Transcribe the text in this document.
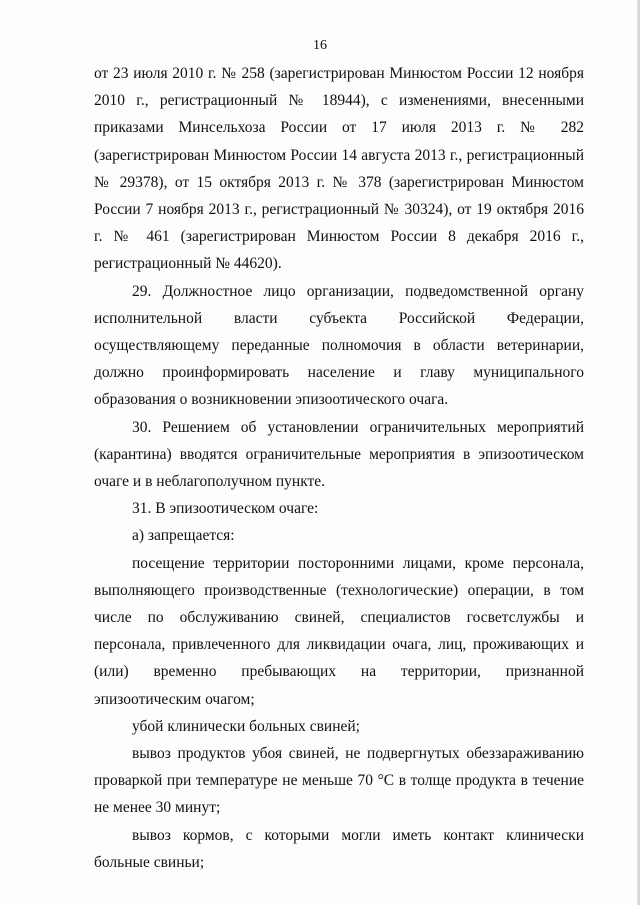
16

от 23 июля 2010 г. № 258 (зарегистрирован Минюстом России 12 ноября 2010 г., регистрационный № 18944), с изменениями, внесенными приказами Минсельхоза России от 17 июля 2013 г. № 282 (зарегистрирован Минюстом России 14 августа 2013 г., регистрационный № 29378), от 15 октября 2013 г. № 378 (зарегистрирован Минюстом России 7 ноября 2013 г., регистрационный № 30324), от 19 октября 2016 г. № 461 (зарегистрирован Минюстом России 8 декабря 2016 г., регистрационный № 44620).

29. Должностное лицо организации, подведомственной органу исполнительной власти субъекта Российской Федерации, осуществляющему переданные полномочия в области ветеринарии, должно проинформировать население и главу муниципального образования о возникновении эпизоотического очага.

30. Решением об установлении ограничительных мероприятий (карантина) вводятся ограничительные мероприятия в эпизоотическом очаге и в неблагополучном пункте.

31. В эпизоотическом очаге:

а) запрещается:

посещение территории посторонними лицами, кроме персонала, выполняющего производственные (технологические) операции, в том числе по обслуживанию свиней, специалистов госветслужбы и персонала, привлеченного для ликвидации очага, лиц, проживающих и (или) временно пребывающих на территории, признанной эпизоотическим очагом;

убой клинически больных свиней;

вывоз продуктов убоя свиней, не подвергнутых обеззараживанию проваркой при температуре не меньше 70 °С в толще продукта в течение не менее 30 минут;

вывоз кормов, с которыми могли иметь контакт клинически больные свиньи;
